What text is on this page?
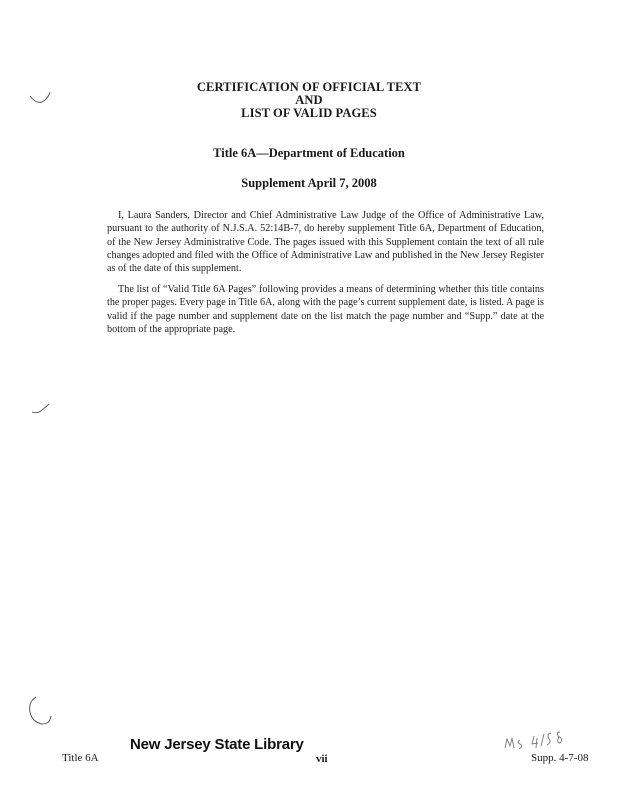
CERTIFICATION OF OFFICIAL TEXT
AND
LIST OF VALID PAGES
Title 6A—Department of Education
Supplement April 7, 2008
I, Laura Sanders, Director and Chief Administrative Law Judge of the Office of Administrative Law, pursuant to the authority of N.J.S.A. 52:14B-7, do hereby supplement Title 6A, Department of Education, of the New Jersey Administrative Code. The pages issued with this Supplement contain the text of all rule changes adopted and filed with the Office of Administrative Law and published in the New Jersey Register as of the date of this supplement.
The list of “Valid Title 6A Pages” following provides a means of determining whether this title contains the proper pages. Every page in Title 6A, along with the page’s current supplement date, is listed. A page is valid if the page number and supplement date on the list match the page number and “Supp.” date at the bottom of the appropriate page.
New Jersey State Library
Title 6A	vii	Supp. 4-7-08
